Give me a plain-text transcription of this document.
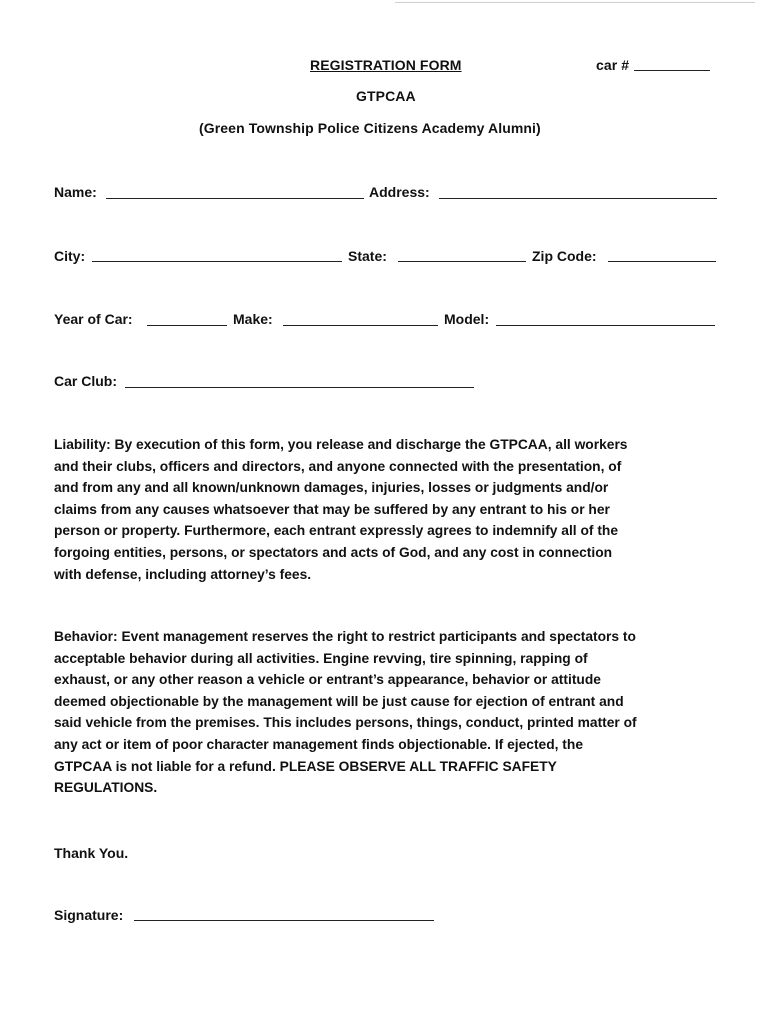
REGISTRATION FORM	car #
GTPCAA
(Green Township Police Citizens Academy Alumni)
Name:	Address:
City:	State:	Zip Code:
Year of Car:	Make:	Model:
Car Club:
Liability: By execution of this form, you release and discharge the GTPCAA, all workers
and their clubs, officers and directors, and anyone connected with the presentation, of
and from any and all known/unknown damages, injuries, losses or judgments and/or
claims from any causes whatsoever that may be suffered by any entrant to his or her
person or property. Furthermore, each entrant expressly agrees to indemnify all of the
forgoing entities, persons, or spectators and acts of God, and any cost in connection
with defense, including attorney’s fees.
Behavior: Event management reserves the right to restrict participants and spectators to
acceptable behavior during all activities. Engine revving, tire spinning, rapping of
exhaust, or any other reason a vehicle or entrant’s appearance, behavior or attitude
deemed objectionable by the management will be just cause for ejection of entrant and
said vehicle from the premises. This includes persons, things, conduct, printed matter of
any act or item of poor character management finds objectionable. If ejected, the
GTPCAA is not liable for a refund. PLEASE OBSERVE ALL TRAFFIC SAFETY
REGULATIONS.
Thank You.
Signature:
